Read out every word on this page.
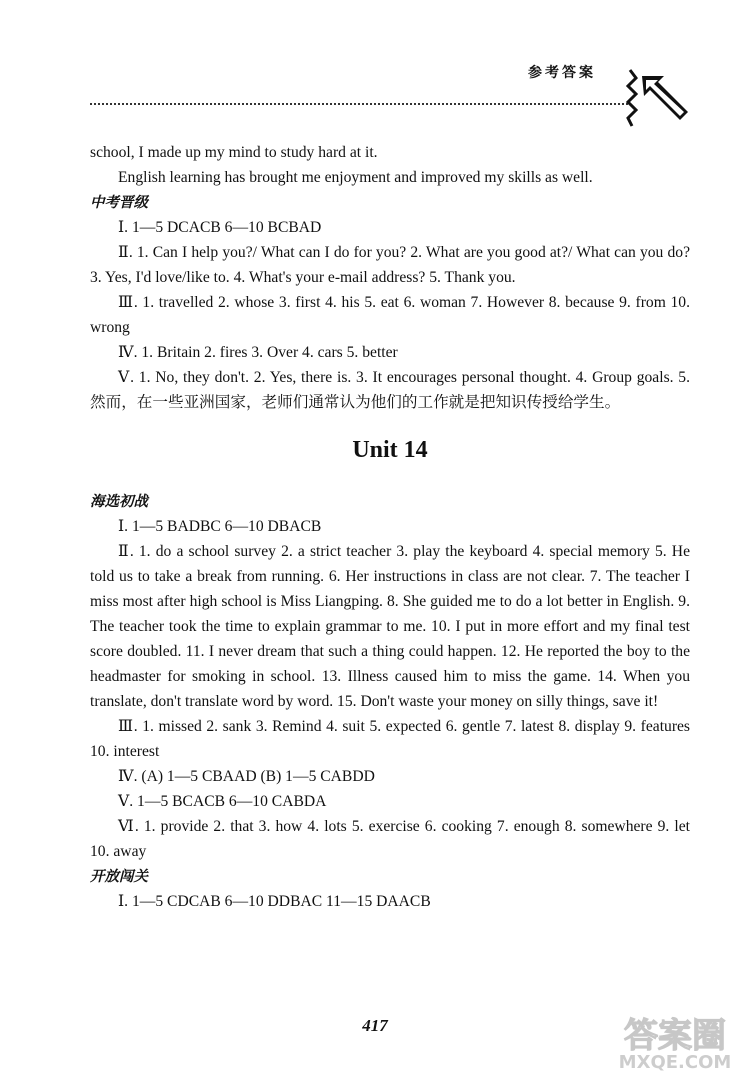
参考答案

school, I made up my mind to study hard at it.

English learning has brought me enjoyment and improved my skills as well.

中考晋级

Ⅰ. 1—5 DCACB 6—10 BCBAD

Ⅱ. 1. Can I help you?/ What can I do for you? 2. What are you good at?/ What can you do? 3. Yes, I'd love/like to. 4. What's your e-mail address? 5. Thank you.

Ⅲ. 1. travelled 2. whose 3. first 4. his 5. eat 6. woman 7. However 8. because 9. from 10. wrong

Ⅳ. 1. Britain 2. fires 3. Over 4. cars 5. better

Ⅴ. 1. No, they don't. 2. Yes, there is. 3. It encourages personal thought. 4. Group goals. 5. 然而，在一些亚洲国家，老师们通常认为他们的工作就是把知识传授给学生。

Unit 14

海选初战

Ⅰ. 1—5 BADBC 6—10 DBACB

Ⅱ. 1. do a school survey 2. a strict teacher 3. play the keyboard 4. special memory 5. He told us to take a break from running. 6. Her instructions in class are not clear. 7. The teacher I miss most after high school is Miss Liangping. 8. She guided me to do a lot better in English. 9. The teacher took the time to explain grammar to me. 10. I put in more effort and my final test score doubled. 11. I never dream that such a thing could happen. 12. He reported the boy to the headmaster for smoking in school. 13. Illness caused him to miss the game. 14. When you translate, don't translate word by word. 15. Don't waste your money on silly things, save it!

Ⅲ. 1. missed 2. sank 3. Remind 4. suit 5. expected 6. gentle 7. latest 8. display 9. features 10. interest

Ⅳ. (A) 1—5 CBAAD (B) 1—5 CABDD

Ⅴ. 1—5 BCACB 6—10 CABDA

Ⅵ. 1. provide 2. that 3. how 4. lots 5. exercise 6. cooking 7. enough 8. somewhere 9. let 10. away

开放闯关

Ⅰ. 1—5 CDCAB 6—10 DDBAC 11—15 DAACB

417	答案圈
MXQE.COM
